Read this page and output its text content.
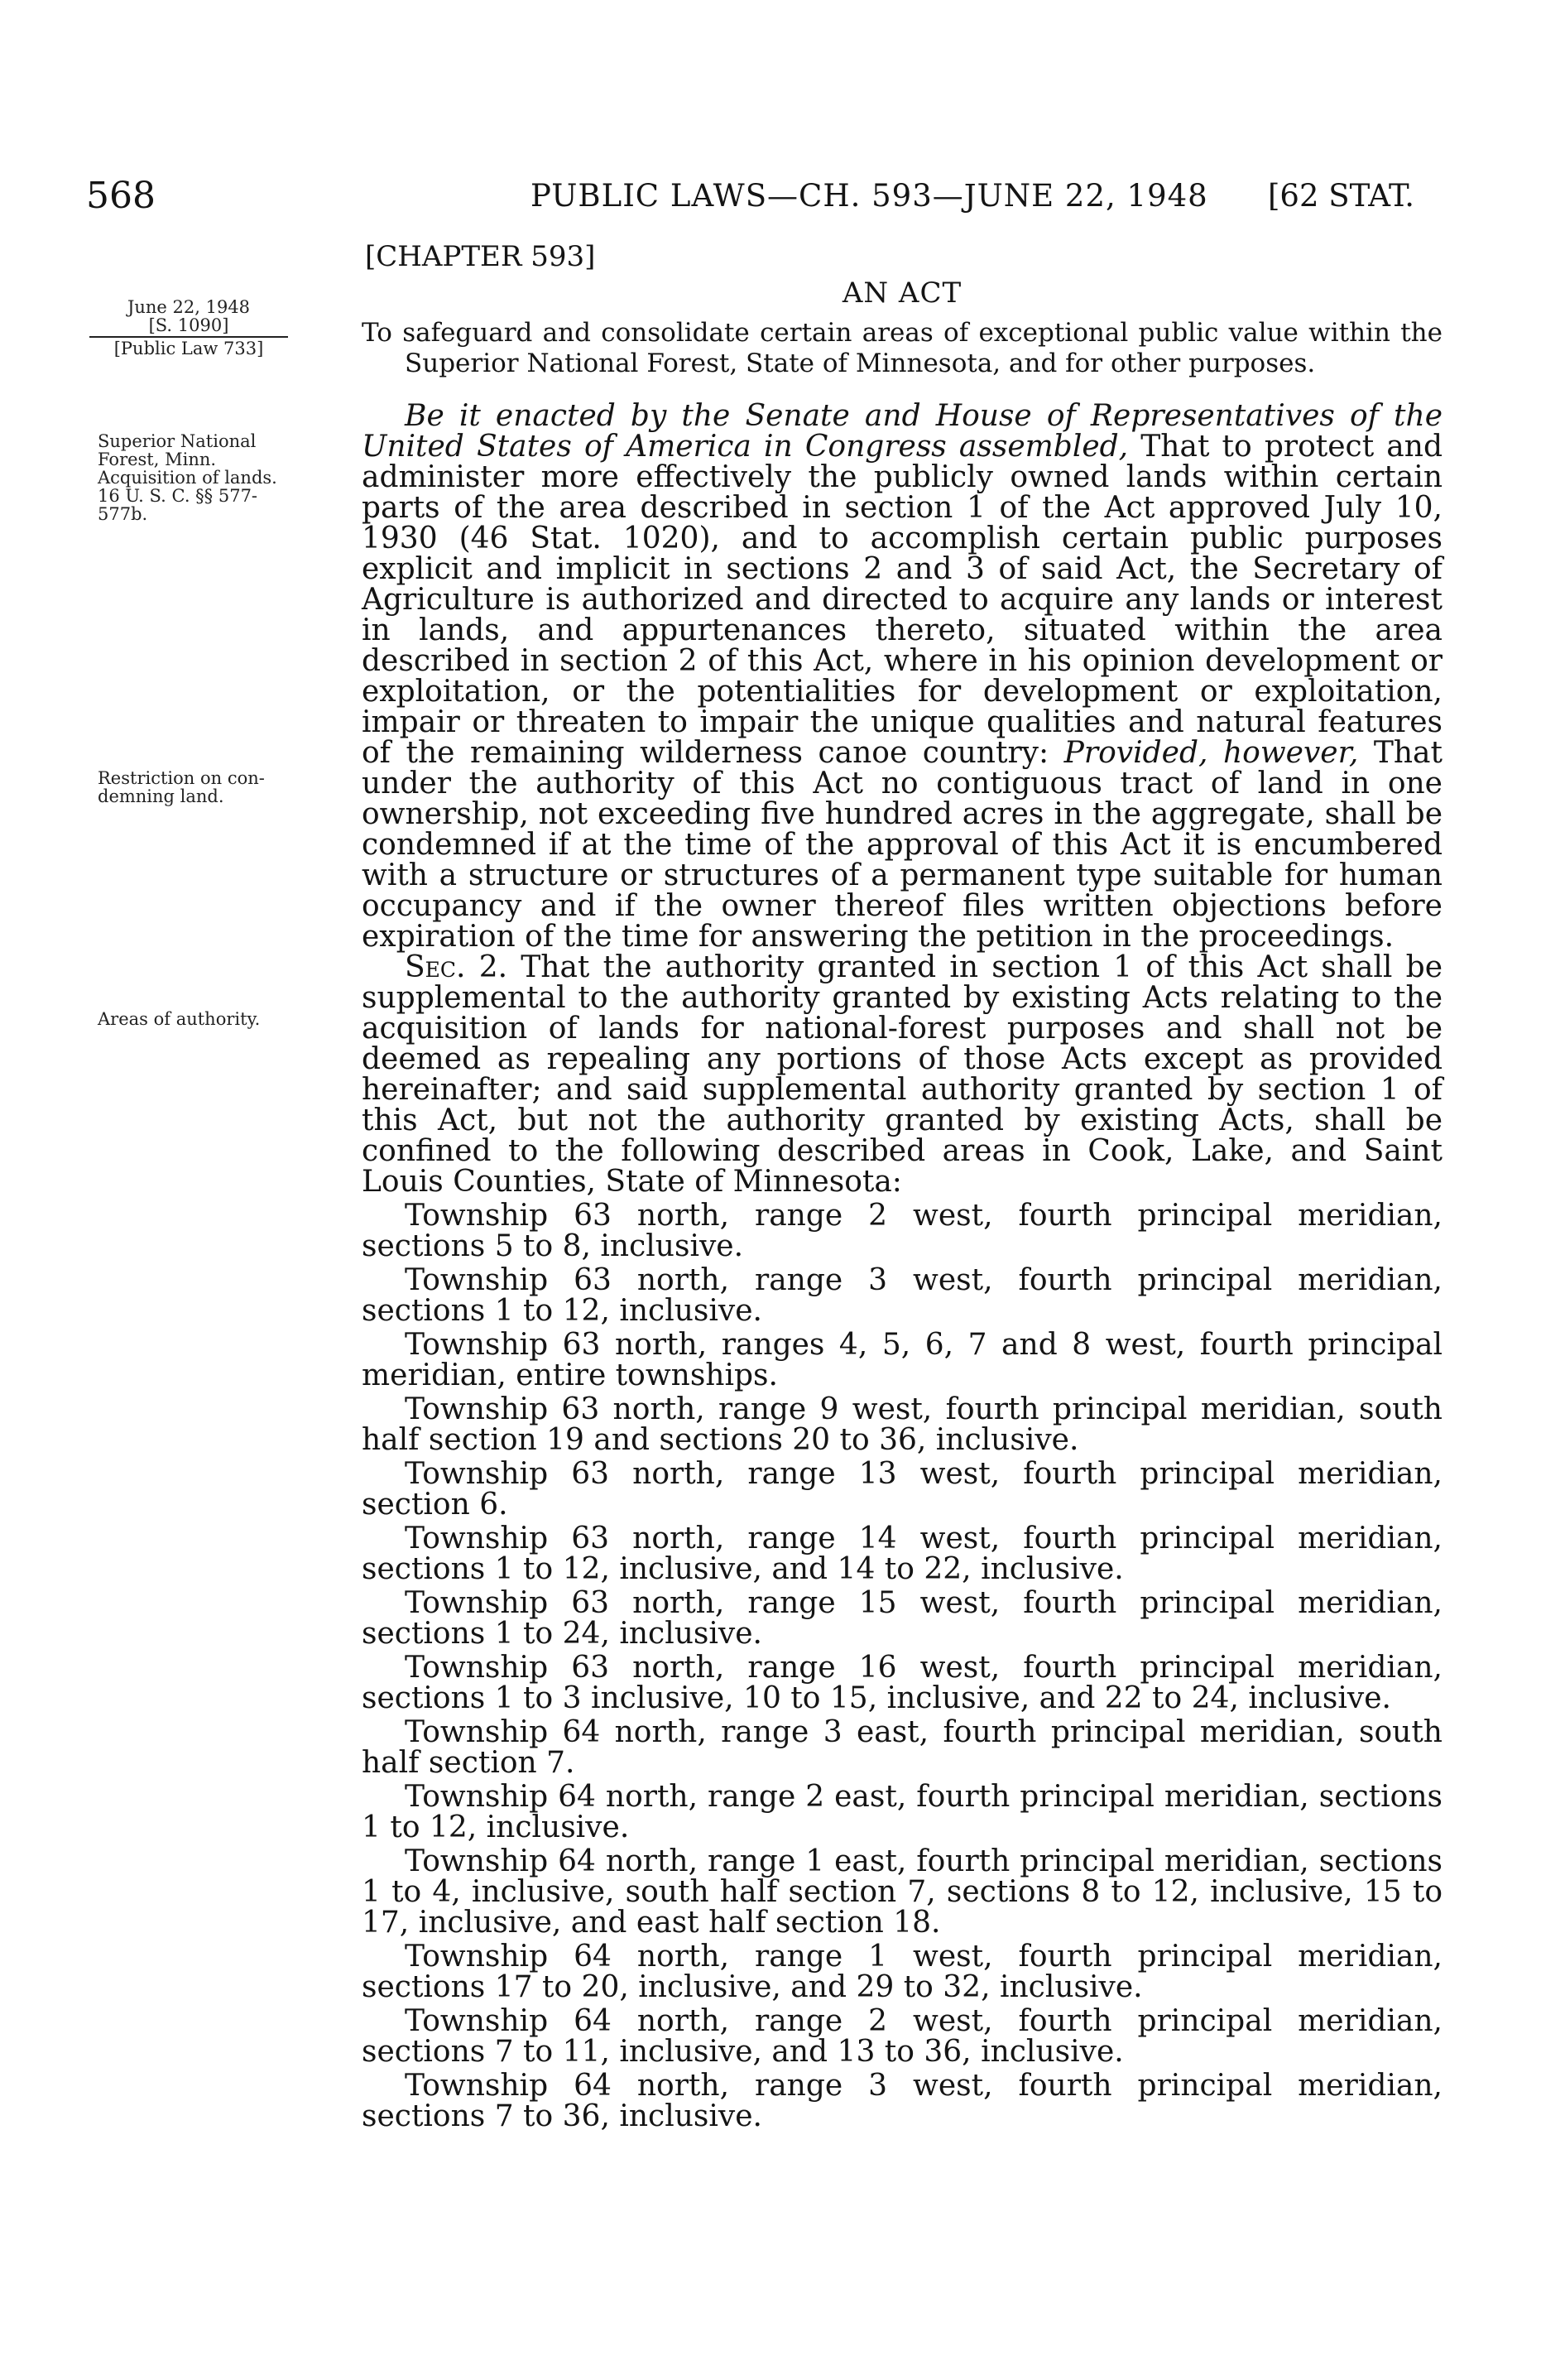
568	PUBLIC LAWS—CH. 593—JUNE 22, 1948 [62 STAT.
June 22, 1948
[S. 1090]
[Public Law 733]
Superior National
Forest, Minn.
Acquisition of lands.
16 U. S. C. §§ 577-
577b.
Restriction on con-
demning land.
Areas of authority.
[CHAPTER 593]
AN ACT
To safeguard and consolidate certain areas of exceptional public value within the Superior National Forest, State of Minnesota, and for other purposes.

Be it enacted by the Senate and House of Representatives of the United States of America in Congress assembled, That to protect and administer more effectively the publicly owned lands within certain parts of the area described in section 1 of the Act approved July 10, 1930 (46 Stat. 1020), and to accomplish certain public purposes explicit and implicit in sections 2 and 3 of said Act, the Secretary of Agriculture is authorized and directed to acquire any lands or interest in lands, and appurtenances thereto, situated within the area described in section 2 of this Act, where in his opinion development or exploitation, or the potentialities for development or exploitation, impair or threaten to impair the unique qualities and natural features of the remaining wilderness canoe country: Provided, however, That under the authority of this Act no contiguous tract of land in one ownership, not exceeding five hundred acres in the aggregate, shall be condemned if at the time of the approval of this Act it is encumbered with a structure or structures of a permanent type suitable for human occupancy and if the owner thereof files written objections before expiration of the time for answering the petition in the proceedings.

Sec. 2. That the authority granted in section 1 of this Act shall be supplemental to the authority granted by existing Acts relating to the acquisition of lands for national-forest purposes and shall not be deemed as repealing any portions of those Acts except as provided hereinafter; and said supplemental authority granted by section 1 of this Act, but not the authority granted by existing Acts, shall be confined to the following described areas in Cook, Lake, and Saint Louis Counties, State of Minnesota:

Township 63 north, range 2 west, fourth principal meridian, sections 5 to 8, inclusive.

Township 63 north, range 3 west, fourth principal meridian, sections 1 to 12, inclusive.

Township 63 north, ranges 4, 5, 6, 7 and 8 west, fourth principal meridian, entire townships.

Township 63 north, range 9 west, fourth principal meridian, south half section 19 and sections 20 to 36, inclusive.

Township 63 north, range 13 west, fourth principal meridian, section 6.

Township 63 north, range 14 west, fourth principal meridian, sections 1 to 12, inclusive, and 14 to 22, inclusive.

Township 63 north, range 15 west, fourth principal meridian, sections 1 to 24, inclusive.

Township 63 north, range 16 west, fourth principal meridian, sections 1 to 3 inclusive, 10 to 15, inclusive, and 22 to 24, inclusive.

Township 64 north, range 3 east, fourth principal meridian, south half section 7.

Township 64 north, range 2 east, fourth principal meridian, sections 1 to 12, inclusive.

Township 64 north, range 1 east, fourth principal meridian, sections 1 to 4, inclusive, south half section 7, sections 8 to 12, inclusive, 15 to 17, inclusive, and east half section 18.

Township 64 north, range 1 west, fourth principal meridian, sections 17 to 20, inclusive, and 29 to 32, inclusive.

Township 64 north, range 2 west, fourth principal meridian, sections 7 to 11, inclusive, and 13 to 36, inclusive.

Township 64 north, range 3 west, fourth principal meridian, sections 7 to 36, inclusive.
